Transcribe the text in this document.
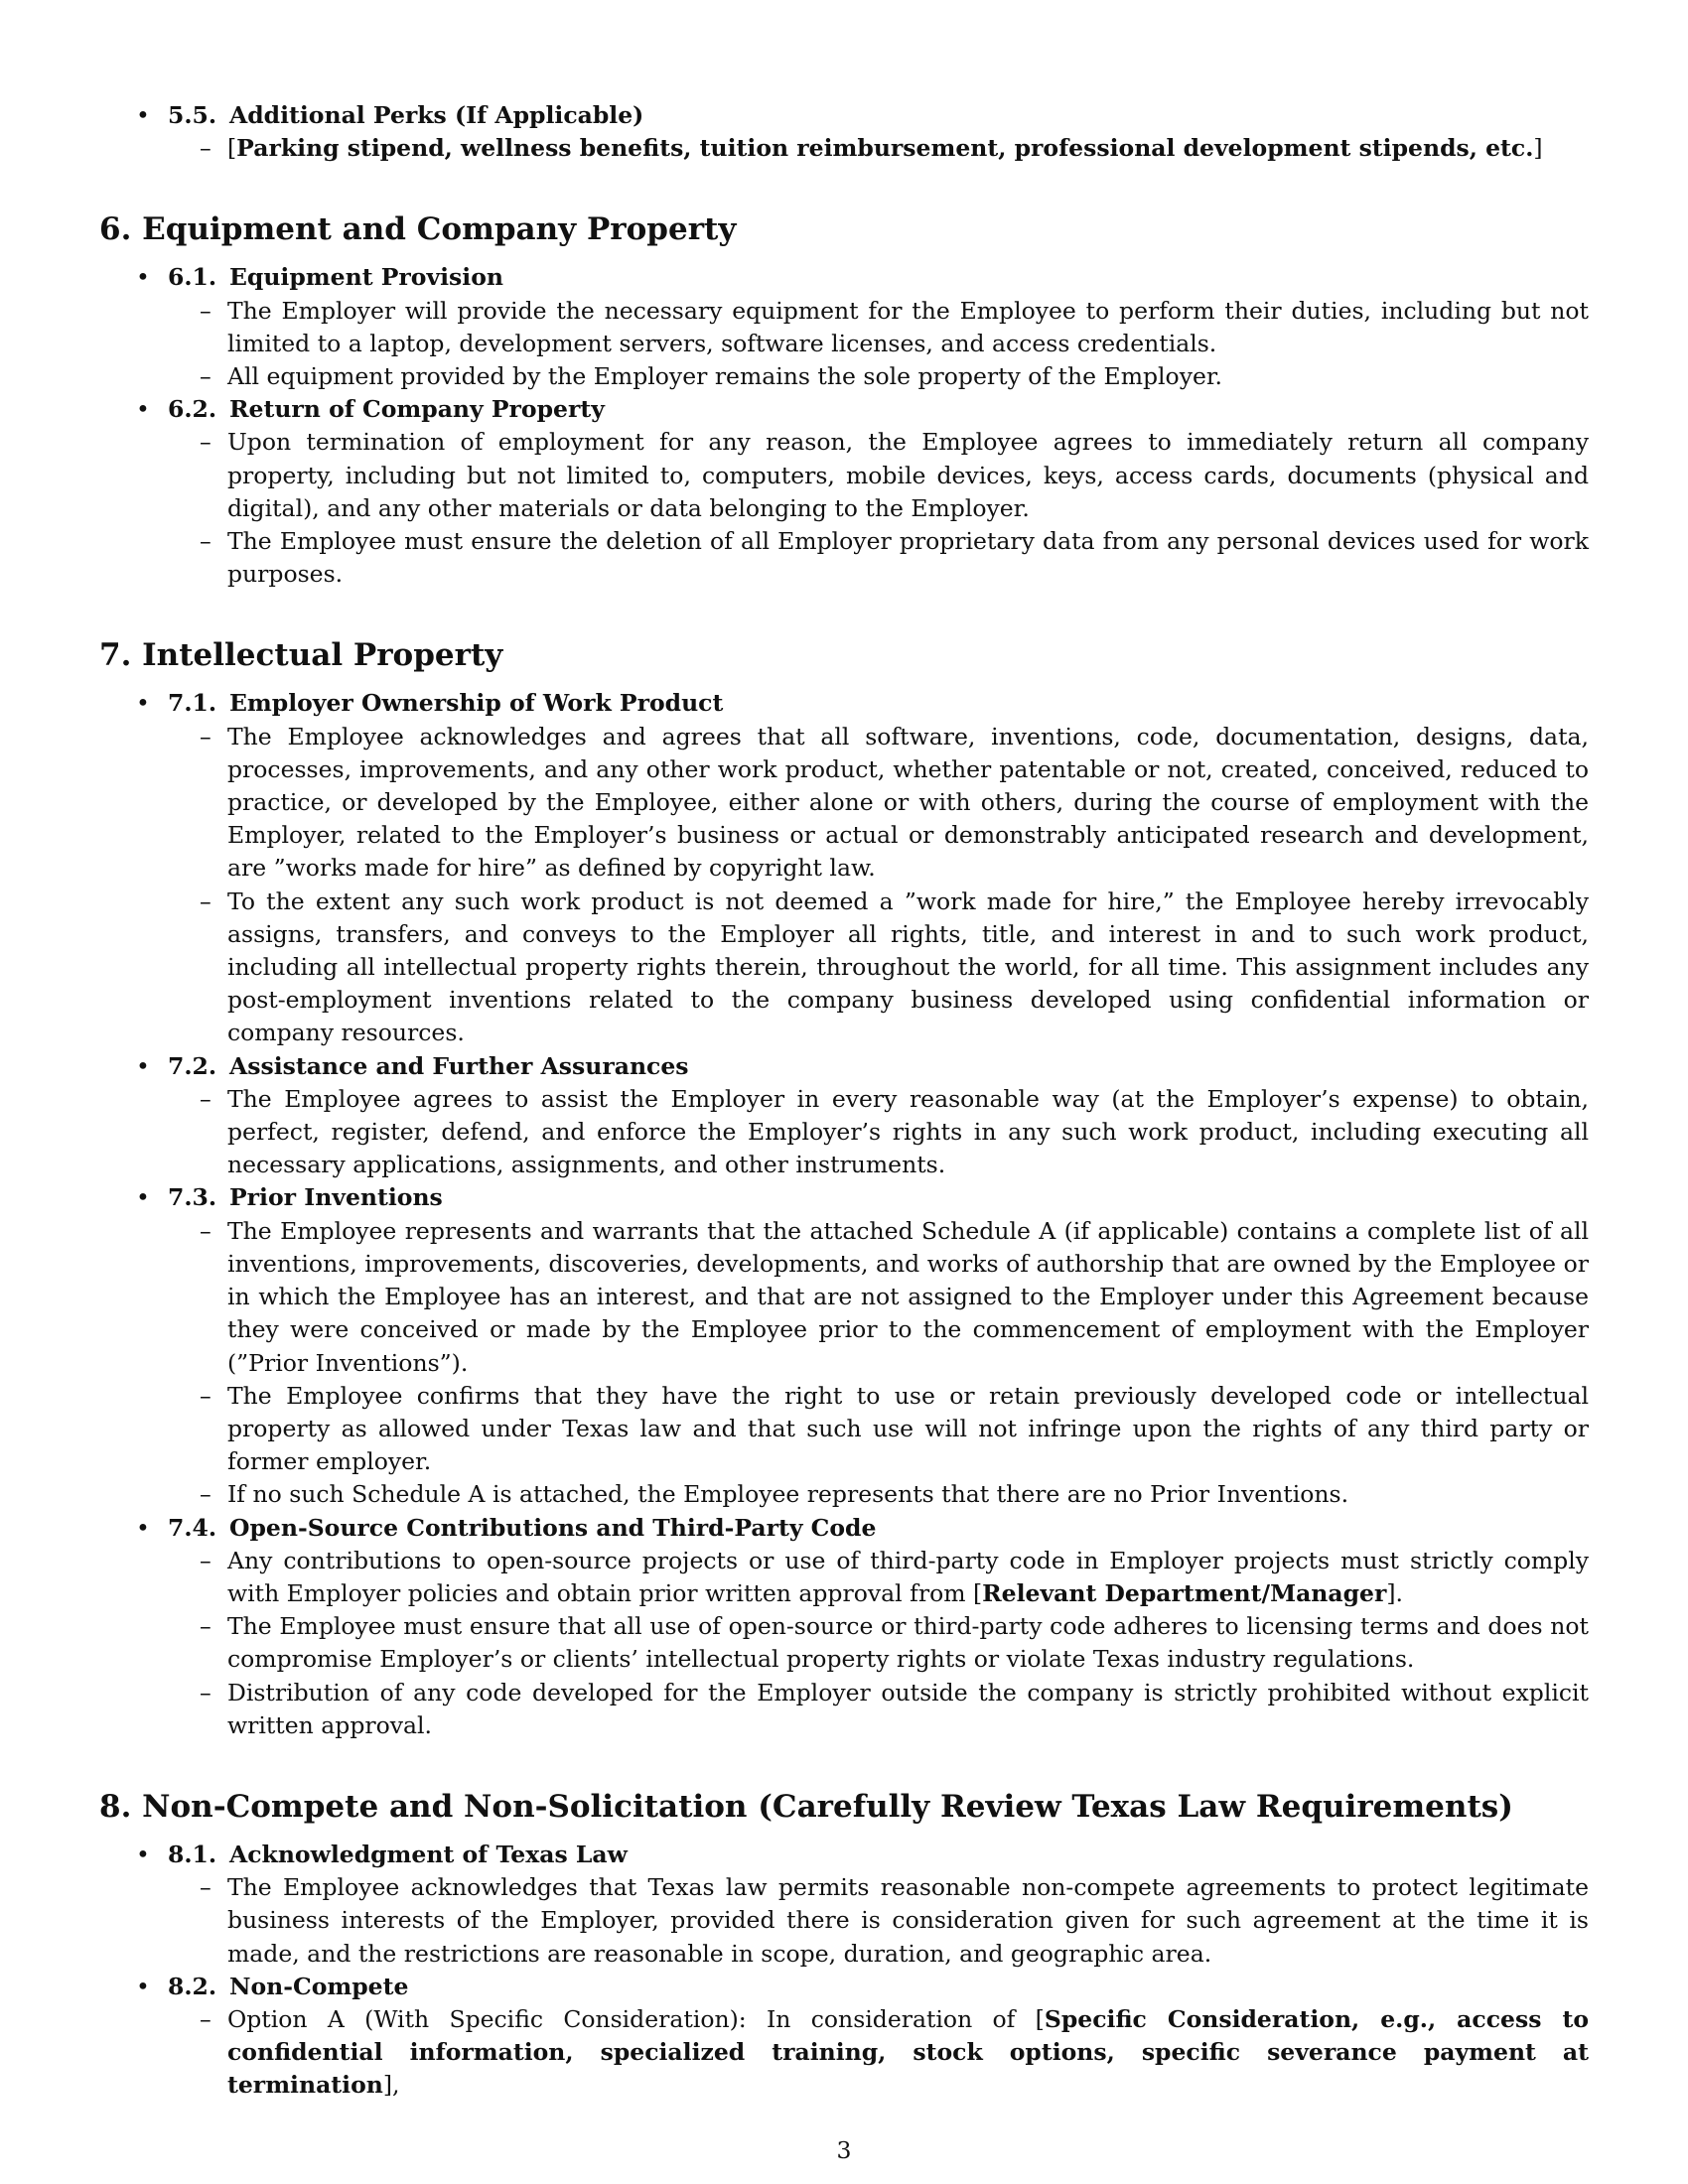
• 5.5. Additional Perks (If Applicable)
– [Parking stipend, wellness benefits, tuition reimbursement, professional development stipends, etc.]
6. Equipment and Company Property
• 6.1. Equipment Provision
– The Employer will provide the necessary equipment for the Employee to perform their duties, including but not limited to a laptop, development servers, software licenses, and access credentials.
– All equipment provided by the Employer remains the sole property of the Employer.
• 6.2. Return of Company Property
– Upon termination of employment for any reason, the Employee agrees to immediately return all company property, including but not limited to, computers, mobile devices, keys, access cards, documents (physical and digital), and any other materials or data belonging to the Employer.
– The Employee must ensure the deletion of all Employer proprietary data from any personal devices used for work purposes.
7. Intellectual Property
• 7.1. Employer Ownership of Work Product
– The Employee acknowledges and agrees that all software, inventions, code, documentation, designs, data, processes, improvements, and any other work product, whether patentable or not, created, conceived, reduced to practice, or developed by the Employee, either alone or with others, during the course of employment with the Employer, related to the Employer’s business or actual or demonstrably anticipated research and development, are ”works made for hire” as defined by copyright law.
– To the extent any such work product is not deemed a ”work made for hire,” the Employee hereby irrevocably assigns, transfers, and conveys to the Employer all rights, title, and interest in and to such work product, including all intellectual property rights therein, throughout the world, for all time. This assignment includes any post-employment inventions related to the company business developed using confidential information or company resources.
• 7.2. Assistance and Further Assurances
– The Employee agrees to assist the Employer in every reasonable way (at the Employer’s expense) to obtain, perfect, register, defend, and enforce the Employer’s rights in any such work product, including executing all necessary applications, assignments, and other instruments.
• 7.3. Prior Inventions
– The Employee represents and warrants that the attached Schedule A (if applicable) contains a complete list of all inventions, improvements, discoveries, developments, and works of authorship that are owned by the Employee or in which the Employee has an interest, and that are not assigned to the Employer under this Agreement because they were conceived or made by the Employee prior to the commencement of employment with the Employer (”Prior Inventions”).
– The Employee confirms that they have the right to use or retain previously developed code or intellectual property as allowed under Texas law and that such use will not infringe upon the rights of any third party or former employer.
– If no such Schedule A is attached, the Employee represents that there are no Prior Inventions.
• 7.4. Open-Source Contributions and Third-Party Code
– Any contributions to open-source projects or use of third-party code in Employer projects must strictly comply with Employer policies and obtain prior written approval from [Relevant Department/Manager].
– The Employee must ensure that all use of open-source or third-party code adheres to licensing terms and does not compromise Employer’s or clients’ intellectual property rights or violate Texas industry regulations.
– Distribution of any code developed for the Employer outside the company is strictly prohibited without explicit written approval.
8. Non-Compete and Non-Solicitation (Carefully Review Texas Law Requirements)
• 8.1. Acknowledgment of Texas Law
– The Employee acknowledges that Texas law permits reasonable non-compete agreements to protect legitimate business interests of the Employer, provided there is consideration given for such agreement at the time it is made, and the restrictions are reasonable in scope, duration, and geographic area.
• 8.2. Non-Compete
– Option A (With Specific Consideration): In consideration of [Specific Consideration, e.g., access to confidential information, specialized training, stock options, specific severance payment at termination],
3
